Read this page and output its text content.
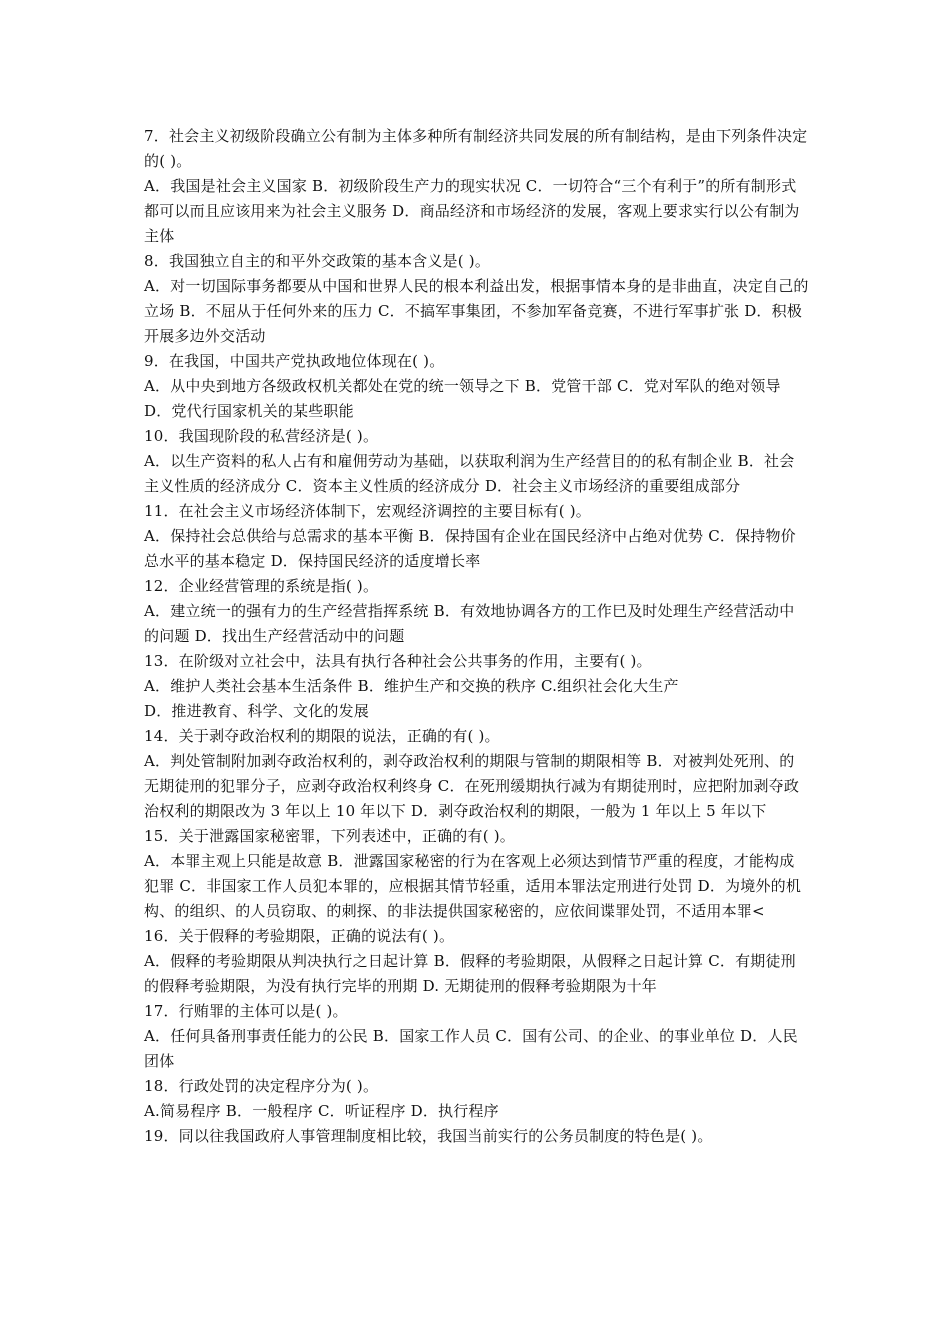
7．社会主义初级阶段确立公有制为主体多种所有制经济共同发展的所有制结构，是由下列条件决定的( )。

A．我国是社会主义国家 B．初级阶段生产力的现实状况 C．一切符合“三个有利于”的所有制形式都可以而且应该用来为社会主义服务 D．商品经济和市场经济的发展，客观上要求实行以公有制为主体

8．我国独立自主的和平外交政策的基本含义是( )。

A．对一切国际事务都要从中国和世界人民的根本利益出发，根据事情本身的是非曲直，决定自己的立场 B．不屈从于任何外来的压力 C．不搞军事集团，不参加军备竞赛，不进行军事扩张 D．积极开展多边外交活动

9．在我国，中国共产党执政地位体现在( )。

A．从中央到地方各级政权机关都处在党的统一领导之下 B．党管干部 C．党对军队的绝对领导 D．党代行国家机关的某些职能

10．我国现阶段的私营经济是( )。

A．以生产资料的私人占有和雇佣劳动为基础，以获取利润为生产经营目的的私有制企业 B．社会主义性质的经济成分 C．资本主义性质的经济成分 D．社会主义市场经济的重要组成部分

11．在社会主义市场经济体制下，宏观经济调控的主要目标有( )。

A．保持社会总供给与总需求的基本平衡 B．保持国有企业在国民经济中占绝对优势 C．保持物价总水平的基本稳定 D．保持国民经济的适度增长率

12．企业经营管理的系统是指( )。

A．建立统一的强有力的生产经营指挥系统 B．有效地协调各方的工作巳及时处理生产经营活动中的问题 D．找出生产经营活动中的问题

13．在阶级对立社会中，法具有执行各种社会公共事务的作用，主要有( )。

A．维护人类社会基本生活条件 B．维护生产和交换的秩序 C.组织社会化大生产

D．推进教育、科学、文化的发展

14．关于剥夺政治权利的期限的说法，正确的有( )。

A．判处管制附加剥夺政治权利的，剥夺政治权利的期限与管制的期限相等 B．对被判处死刑、的无期徒刑的犯罪分子，应剥夺政治权利终身 C．在死刑缓期执行减为有期徒刑时，应把附加剥夺政治权利的期限改为 3 年以上 10 年以下 D．剥夺政治权利的期限，一般为 1 年以上 5 年以下

15．关于泄露国家秘密罪，下列表述中，正确的有( )。

A．本罪主观上只能是故意 B．泄露国家秘密的行为在客观上必须达到情节严重的程度，才能构成犯罪 C．非国家工作人员犯本罪的，应根据其情节轻重，适用本罪法定刑进行处罚 D．为境外的机构、的组织、的人员窃取、的刺探、的非法提供国家秘密的，应依间谍罪处罚，不适用本罪<

16．关于假释的考验期限，正确的说法有( )。

A．假释的考验期限从判决执行之日起计算 B．假释的考验期限，从假释之日起计算 C．有期徒刑的假释考验期限，为没有执行完毕的刑期 D. 无期徒刑的假释考验期限为十年

17．行贿罪的主体可以是( )。

A．任何具备刑事责任能力的公民 B．国家工作人员 C．国有公司、的企业、的事业单位 D．人民团体

18．行政处罚的决定程序分为( )。

A.简易程序 B．一般程序 C．听证程序 D．执行程序

19．同以往我国政府人事管理制度相比较，我国当前实行的公务员制度的特色是( )。
